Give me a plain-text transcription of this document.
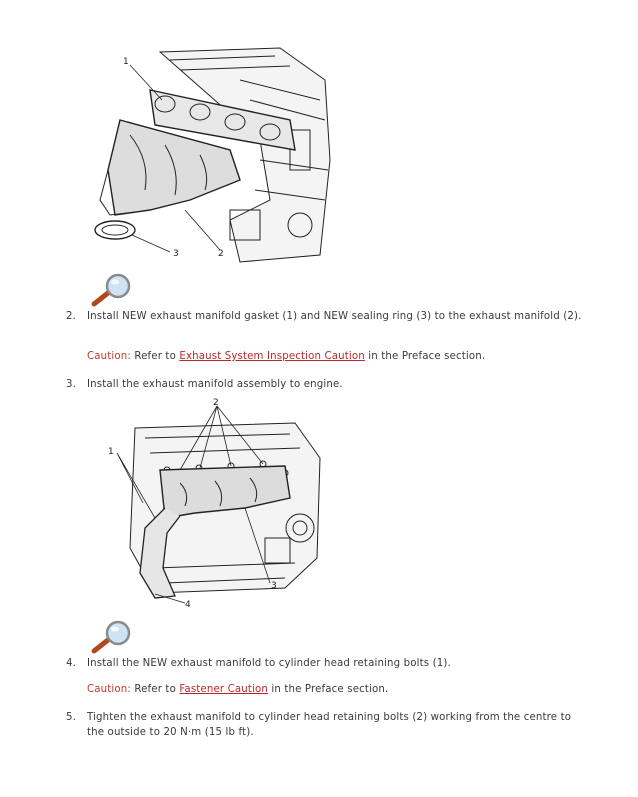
1
2
3
2. Install NEW exhaust manifold gasket (1) and NEW sealing ring (3) to the exhaust manifold (2).
Caution: Refer to Exhaust System Inspection Caution in the Preface section.
3. Install the exhaust manifold assembly to engine.
2
1
3
4
4. Install the NEW exhaust manifold to cylinder head retaining bolts (1).
Caution: Refer to Fastener Caution in the Preface section.
5. Tighten the exhaust manifold to cylinder head retaining bolts (2) working from the centre to the outside to 20 N·m (15 lb ft).
